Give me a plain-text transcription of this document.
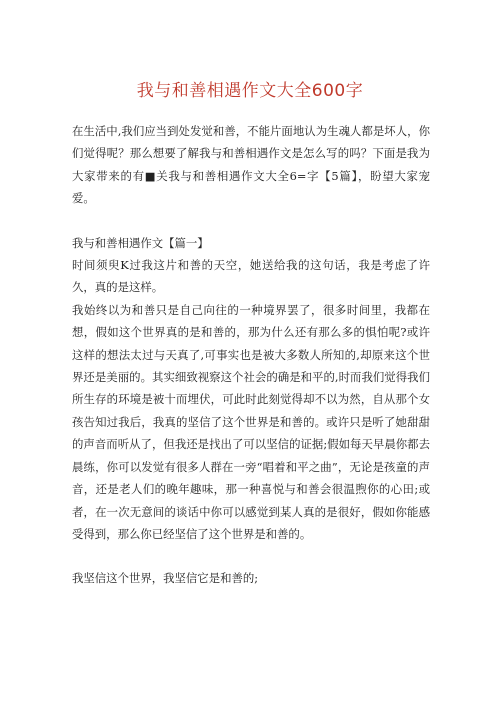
我与和善相遇作文大全600字

在生活中,我们应当到处发觉和善，不能片面地认为生魂人都是坏人，你们觉得呢？那么想要了解我与和善相遇作文是怎么写的吗？下面是我为大家带来的有■关我与和善相遇作文大全6=字【5篇】，盼望大家宠爱。

我与和善相遇作文【篇一】

时间须臾K过我这片和善的天空，她送给我的这句话，我是考虑了许久，真的是这样。

我始终以为和善只是自己向往的一种境界罢了，很多时间里，我都在想，假如这个世界真的是和善的，那为什么还有那么多的惧怕呢?或许这样的想法太过与天真了,可事实也是被大多数人所知的,却原来这个世界还是美丽的。其实细致视察这个社会的确是和平的,时而我们觉得我们所生存的环境是被十而埋伏，可此时此刻觉得却不以为然，自从那个女孩告知过我后，我真的坚信了这个世界是和善的。或许只是听了她甜甜的声音而听从了，但我还是找出了可以坚信的证据;假如每天早晨你都去晨练，你可以发觉有很多人群在一旁“唱着和平之曲”，无论是孩童的声音，还是老人们的晚年趣味，那一种喜悦与和善会很温煦你的心田;或者，在一次无意间的谈话中你可以感觉到某人真的是很好，假如你能感受得到，那么你已经坚信了这个世界是和善的。

我坚信这个世界，我坚信它是和善的;
